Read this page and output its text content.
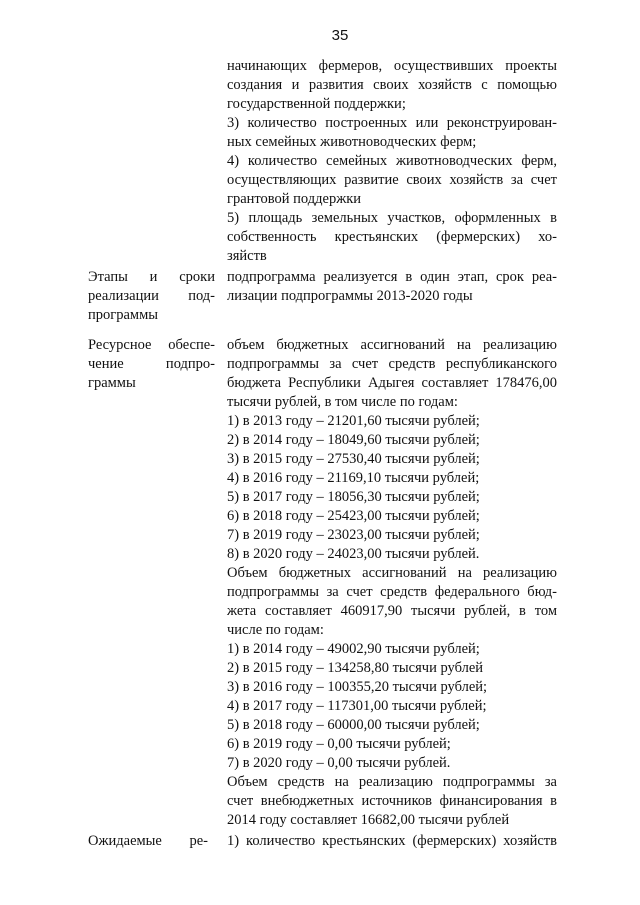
35
начинающих фермеров, осуществивших проекты
создания и развития своих хозяйств с помощью
государственной поддержки;
3) количество построенных или реконструирован-
ных семейных животноводческих ферм;
4) количество семейных животноводческих ферм,
осуществляющих развитие своих хозяйств за счет
грантовой поддержки
5) площадь земельных участков, оформленных в
собственность крестьянских (фермерских) хо-
зяйств
Этапы и сроки
реализации под-
программы
подпрограмма реализуется в один этап, срок реа-
лизации подпрограммы 2013-2020 годы
Ресурсное обеспе-
чение подпро-
граммы
объем бюджетных ассигнований на реализацию
подпрограммы за счет средств республиканского
бюджета Республики Адыгея составляет 178476,00
тысячи рублей, в том числе по годам:
1) в 2013 году – 21201,60 тысячи рублей;
2) в 2014 году – 18049,60 тысячи рублей;
3) в 2015 году – 27530,40 тысячи рублей;
4) в 2016 году – 21169,10 тысячи рублей;
5) в 2017 году – 18056,30 тысячи рублей;
6) в 2018 году – 25423,00 тысячи рублей;
7) в 2019 году – 23023,00 тысячи рублей;
8) в 2020 году – 24023,00 тысячи рублей.
Объем бюджетных ассигнований на реализацию
подпрограммы за счет средств федерального бюд-
жета составляет 460917,90 тысячи рублей, в том
числе по годам:
1) в 2014 году – 49002,90 тысячи рублей;
2) в 2015 году – 134258,80 тысячи рублей
3) в 2016 году – 100355,20 тысячи рублей;
4) в 2017 году – 117301,00 тысячи рублей;
5) в 2018 году – 60000,00 тысячи рублей;
6) в 2019 году – 0,00 тысячи рублей;
7) в 2020 году – 0,00 тысячи рублей.
Объем средств на реализацию подпрограммы за
счет внебюджетных источников финансирования в
2014 году составляет 16682,00 тысячи рублей
Ожидаемые ре- 1) количество крестьянских (фермерских) хозяйств
